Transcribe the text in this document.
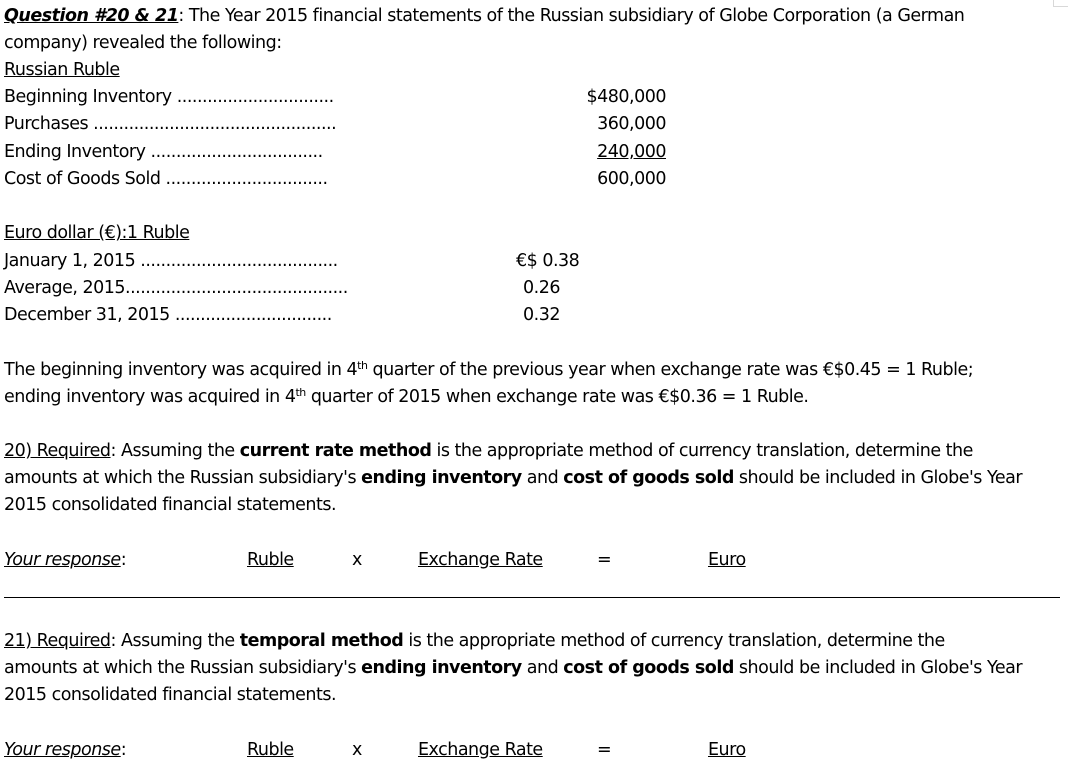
Question #20 & 21: The Year 2015 financial statements of the Russian subsidiary of Globe Corporation (a German
company) revealed the following:
Russian Ruble
Beginning Inventory ...............................	$480,000
Purchases ................................................	360,000
Ending Inventory ..................................	240,000
Cost of Goods Sold ................................	600,000
Euro dollar (€):1 Ruble
January 1, 2015 .......................................	€$ 0.38
Average, 2015............................................	0.26
December 31, 2015 ...............................	0.32
The beginning inventory was acquired in 4th quarter of the previous year when exchange rate was €$0.45 = 1 Ruble;
ending inventory was acquired in 4th quarter of 2015 when exchange rate was €$0.36 = 1 Ruble.
20) Required: Assuming the current rate method is the appropriate method of currency translation, determine the
amounts at which the Russian subsidiary's ending inventory and cost of goods sold should be included in Globe's Year
2015 consolidated financial statements.
Your response:	Ruble	x	Exchange Rate	=	Euro
21) Required: Assuming the temporal method is the appropriate method of currency translation, determine the
amounts at which the Russian subsidiary's ending inventory and cost of goods sold should be included in Globe's Year
2015 consolidated financial statements.
Your response:	Ruble	x	Exchange Rate	=	Euro
